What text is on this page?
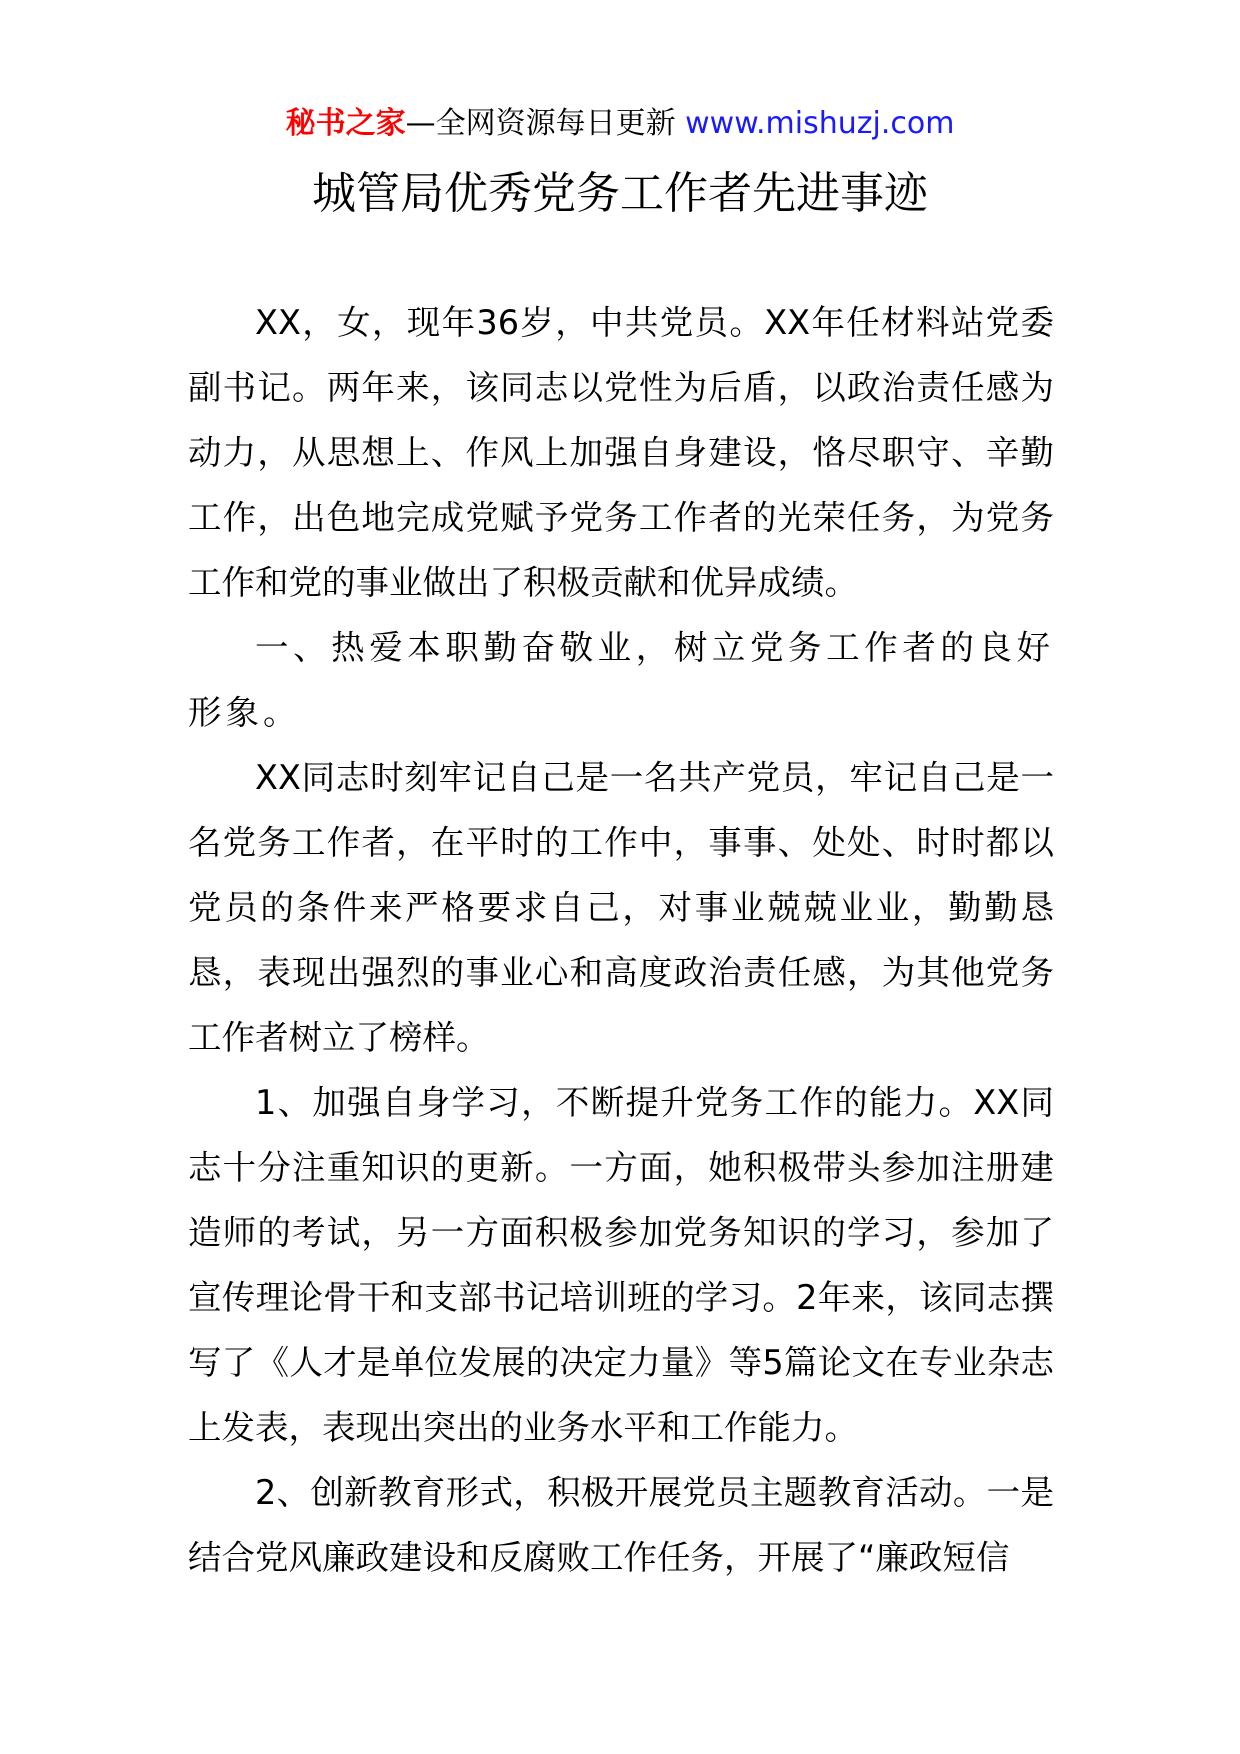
秘书之家—全网资源每日更新 www.mishuzj.com
城管局优秀党务工作者先进事迹

XX，女，现年36岁，中共党员。XX年任材料站党委副书记。两年来，该同志以党性为后盾，以政治责任感为动力，从思想上、作风上加强自身建设，恪尽职守、辛勤工作，出色地完成党赋予党务工作者的光荣任务，为党务工作和党的事业做出了积极贡献和优异成绩。

一、热爱本职勤奋敬业，树立党务工作者的良好形象。

XX同志时刻牢记自己是一名共产党员，牢记自己是一名党务工作者，在平时的工作中，事事、处处、时时都以党员的条件来严格要求自己，对事业兢兢业业，勤勤恳恳，表现出强烈的事业心和高度政治责任感，为其他党务工作者树立了榜样。

1、加强自身学习，不断提升党务工作的能力。XX同志十分注重知识的更新。一方面，她积极带头参加注册建造师的考试，另一方面积极参加党务知识的学习，参加了宣传理论骨干和支部书记培训班的学习。2年来，该同志撰写了《人才是单位发展的决定力量》等5篇论文在专业杂志上发表，表现出突出的业务水平和工作能力。

2、创新教育形式，积极开展党员主题教育活动。一是结合党风廉政建设和反腐败工作任务，开展了“廉政短信
